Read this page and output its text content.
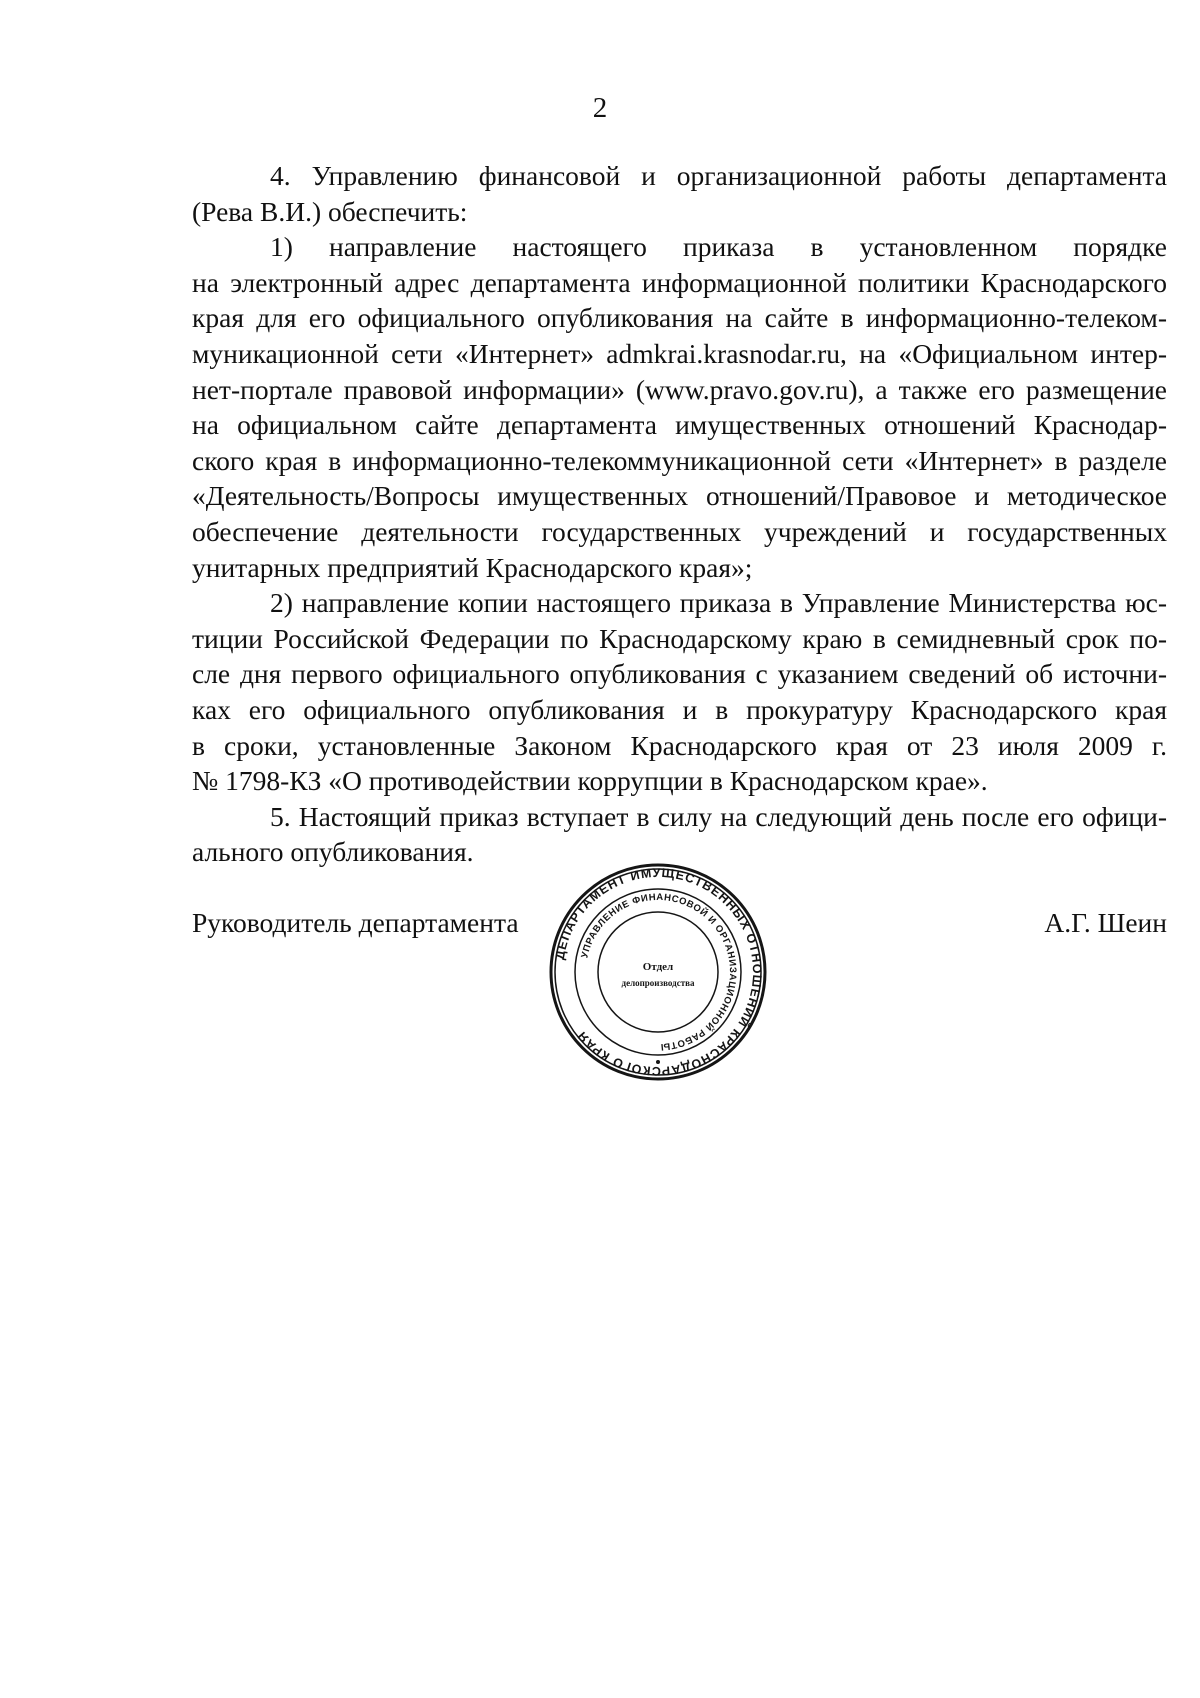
2

4. Управлению финансовой и организационной работы департамента
(Рева В.И.) обеспечить:

1) направление настоящего приказа в установленном порядке
на электронный адрес департамента информационной политики Краснодарского
края для его официального опубликования на сайте в информационно-телеком-
муникационной сети «Интернет» admkrai.krasnodar.ru, на «Официальном интер-
нет-портале правовой информации» (www.pravo.gov.ru), а также его размещение
на официальном сайте департамента имущественных отношений Краснодар-
ского края в информационно-телекоммуникационной сети «Интернет» в разделе
«Деятельность/Вопросы имущественных отношений/Правовое и методическое
обеспечение деятельности государственных учреждений и государственных
унитарных предприятий Краснодарского края»;

2) направление копии настоящего приказа в Управление Министерства юс-
тиции Российской Федерации по Краснодарскому краю в семидневный срок по-
сле дня первого официального опубликования с указанием сведений об источни-
ках его официального опубликования и в прокуратуру Краснодарского края
в сроки, установленные Законом Краснодарского края от 23 июля 2009 г.
№ 1798-КЗ «О противодействии коррупции в Краснодарском крае».

5. Настоящий приказ вступает в силу на следующий день после его офици-
ального опубликования.

Руководитель департамента	А.Г. Шеин
ДЕПАРТАМЕНТ ИМУЩЕСТВЕННЫХ ОТНОШЕНИЙ КРАСНОДАРСКОГО КРАЯ
УПРАВЛЕНИЕ ФИНАНСОВОЙ И ОРГАНИЗАЦИОННОЙ РАБОТЫ
Отдел
делопроизводства
